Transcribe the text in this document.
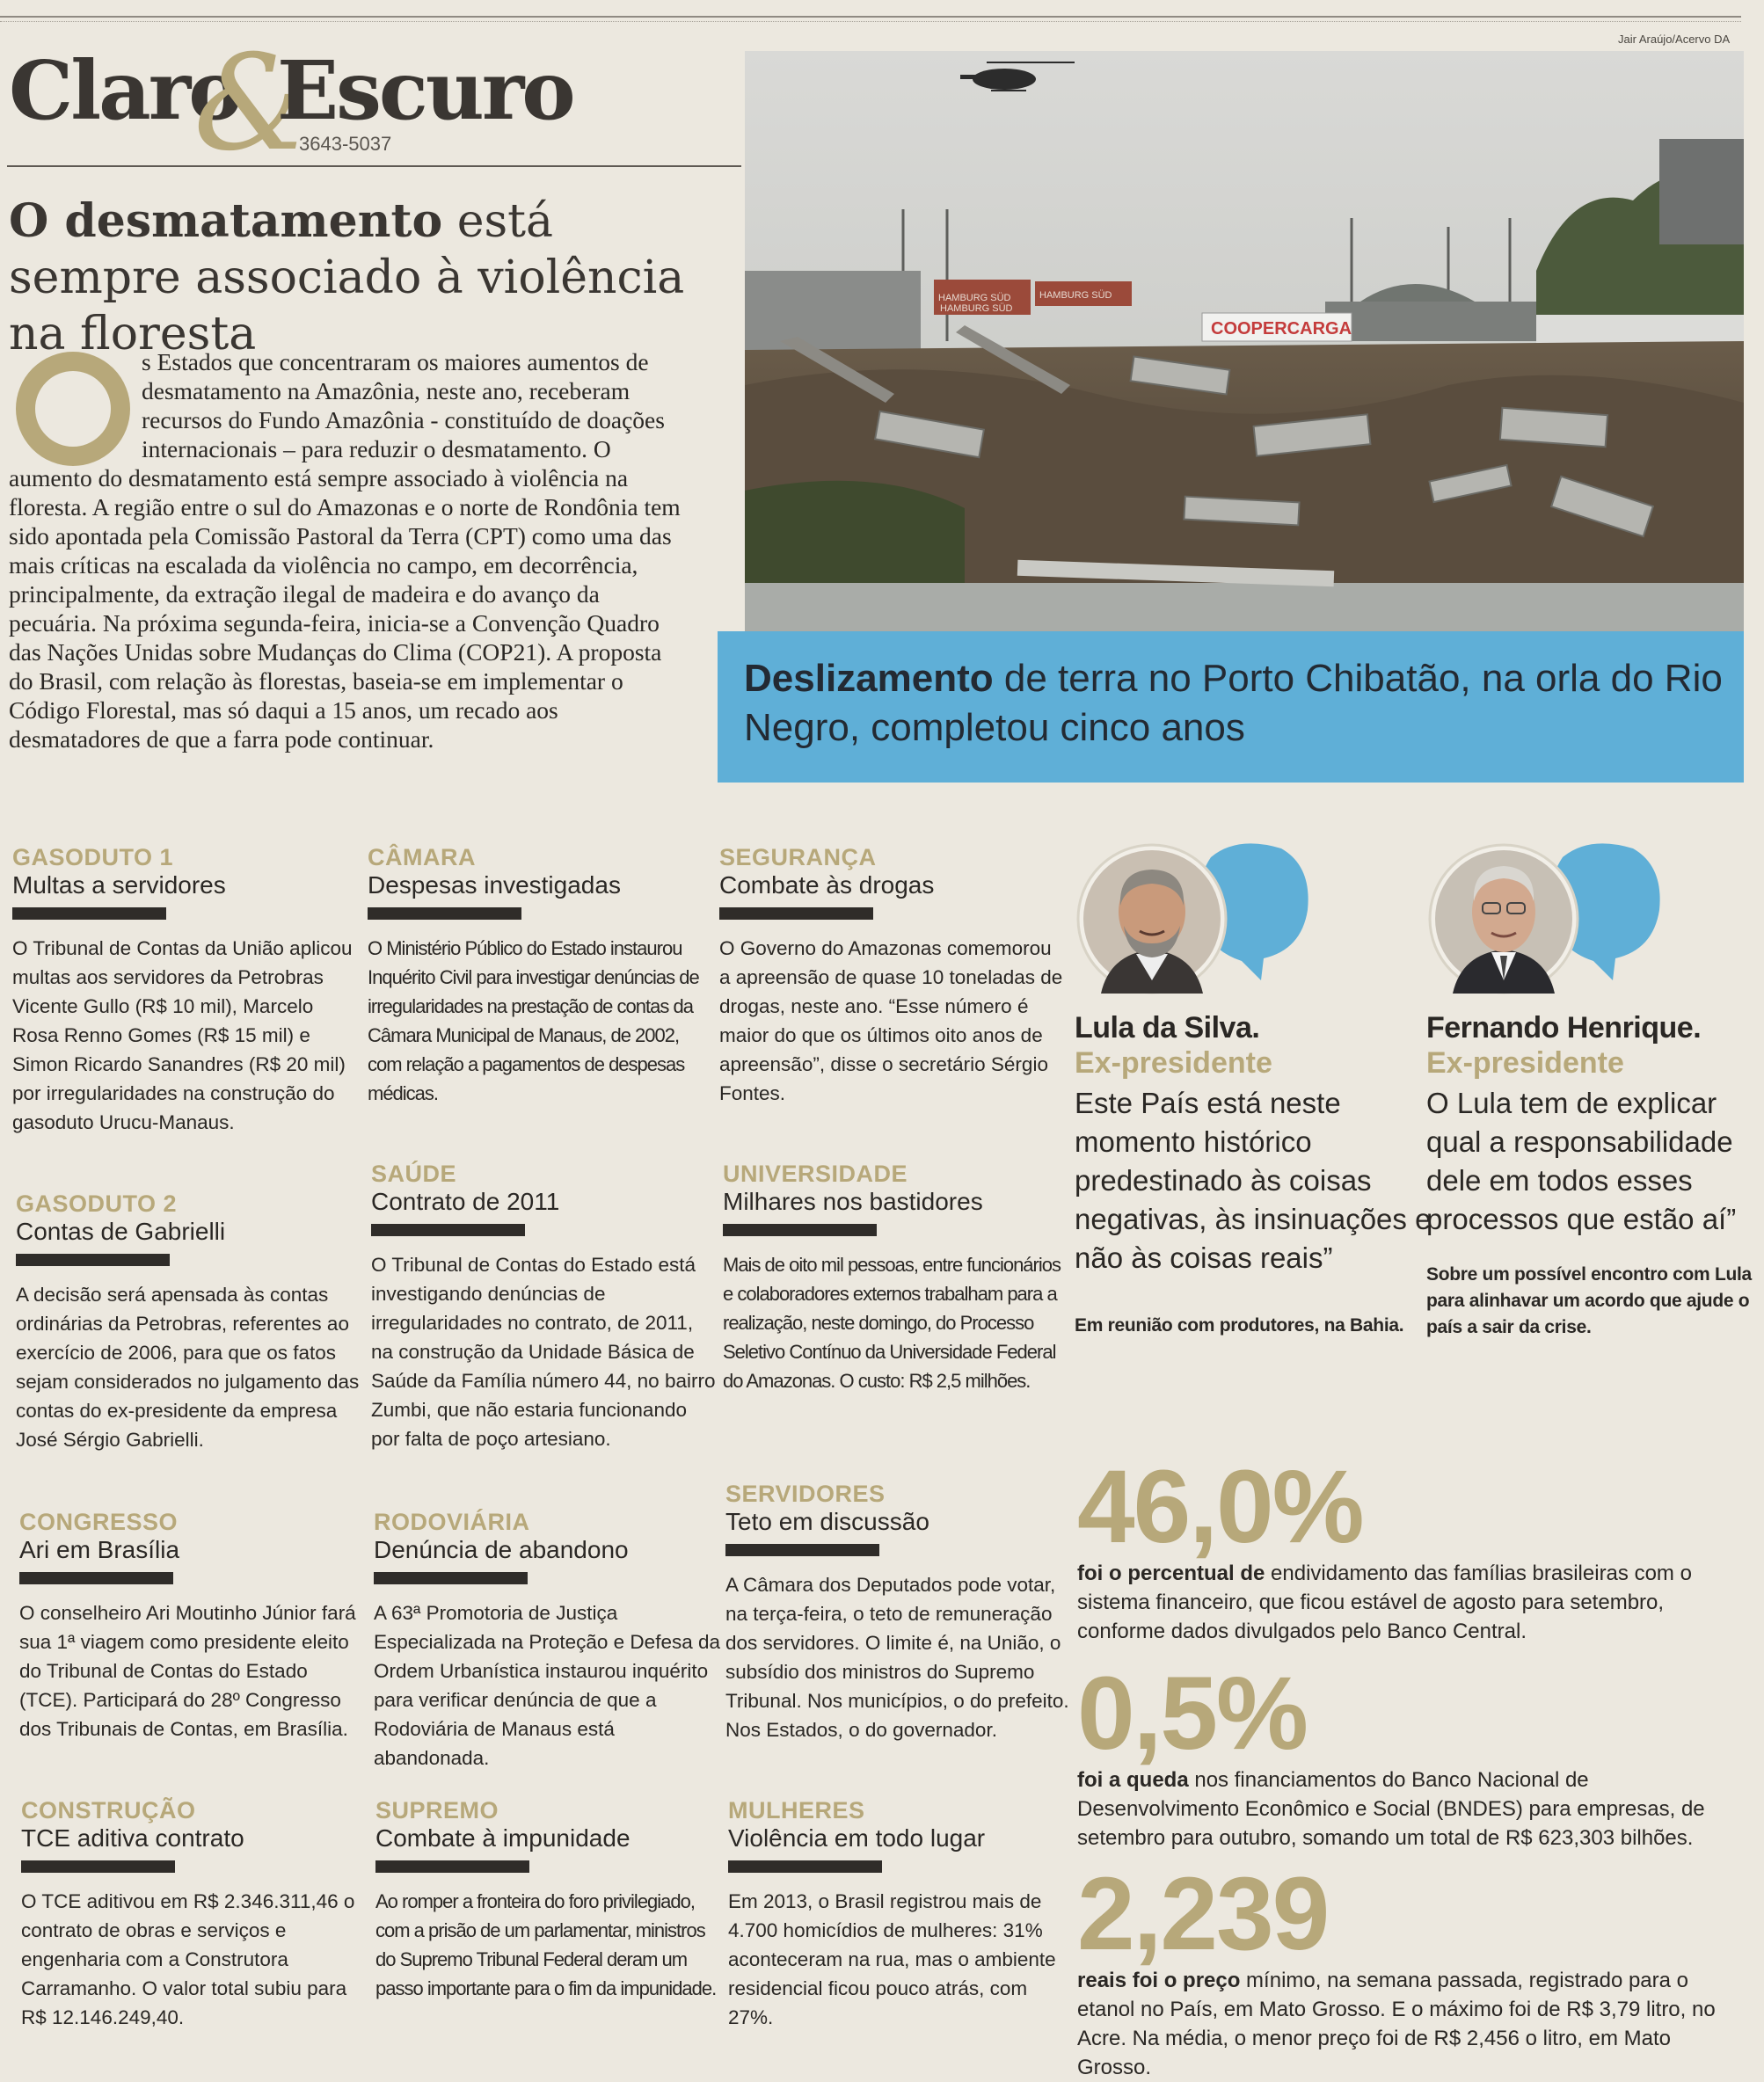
Claro
&
Escuro
3643-5037
O desmatamento está sempre associado à violência na floresta
s Estados que concentraram os maiores aumentos de desmatamento na Amazônia, neste ano, receberam recursos do Fundo Amazônia - constituído de doações internacionais – para reduzir o desmatamento. O aumento do desmatamento está sempre associado à violência na floresta. A região entre o sul do Amazonas e o norte de Rondônia tem sido apontada pela Comissão Pastoral da Terra (CPT) como uma das mais críticas na escalada da violência no campo, em decorrência, principalmente, da extração ilegal de madeira e do avanço da pecuária. Na próxima segunda-feira, inicia-se a Convenção Quadro das Nações Unidas sobre Mudanças do Clima (COP21). A proposta do Brasil, com relação às florestas, baseia-se em implementar o Código Florestal, mas só daqui a 15 anos, um recado aos desmatadores de que a farra pode continuar.
Jair Araújo/Acervo DA
HAMBURG SÜD
HAMBURG SÜD
HAMBURG SÜD
COOPERCARGA

Deslizamento de terra no Porto Chibatão, na orla do Rio Negro, completou cinco anos

GASODUTO 1
Multas a servidores
O Tribunal de Contas da União aplicou multas aos servidores da Petrobras Vicente Gullo (R$ 10 mil), Marcelo Rosa Renno Gomes (R$ 15 mil) e Simon Ricardo Sanandres (R$ 20 mil) por irregularidades na construção do gasoduto Urucu-Manaus.
GASODUTO 2
Contas de Gabrielli
A decisão será apensada às contas ordinárias da Petrobras, referentes ao exercício de 2006, para que os fatos sejam considerados no julgamento das contas do ex-presidente da empresa José Sérgio Gabrielli.
CONGRESSO
Ari em Brasília
O conselheiro Ari Moutinho Júnior fará sua 1ª viagem como presidente eleito do Tribunal de Contas do Estado (TCE). Participará do 28º Congresso dos Tribunais de Contas, em Brasília.
CONSTRUÇÃO
TCE aditiva contrato
O TCE aditivou em R$ 2.346.311,46 o contrato de obras e serviços e engenharia com a Construtora Carramanho. O valor total subiu para R$ 12.146.249,40.
CÂMARA
Despesas investigadas
O Ministério Público do Estado instaurou Inquérito Civil para investigar denúncias de irregularidades na prestação de contas da Câmara Municipal de Manaus, de 2002, com relação a pagamentos de despesas médicas.
SAÚDE
Contrato de 2011
O Tribunal de Contas do Estado está investigando denúncias de irregularidades no contrato, de 2011, na construção da Unidade Básica de Saúde da Família número 44, no bairro Zumbi, que não estaria funcionando por falta de poço artesiano.
RODOVIÁRIA
Denúncia de abandono
A 63ª Promotoria de Justiça Especializada na Proteção e Defesa da Ordem Urbanística instaurou inquérito para verificar denúncia de que a Rodoviária de Manaus está abandonada.
SUPREMO
Combate à impunidade
Ao romper a fronteira do foro privilegiado, com a prisão de um parlamentar, ministros do Supremo Tribunal Federal deram um passo importante para o fim da impunidade.
SEGURANÇA
Combate às drogas
O Governo do Amazonas comemorou a apreensão de quase 10 toneladas de drogas, neste ano. “Esse número é maior do que os últimos oito anos de apreensão”, disse o secretário Sérgio Fontes.
UNIVERSIDADE
Milhares nos bastidores
Mais de oito mil pessoas, entre funcionários e colaboradores externos trabalham para a realização, neste domingo, do Processo Seletivo Contínuo da Universidade Federal do Amazonas. O custo: R$ 2,5 milhões.
SERVIDORES
Teto em discussão
A Câmara dos Deputados pode votar, na terça-feira, o teto de remuneração dos servidores. O limite é, na União, o subsídio dos ministros do Supremo Tribunal. Nos municípios, o do prefeito. Nos Estados, o do governador.
MULHERES
Violência em todo lugar
Em 2013, o Brasil registrou mais de 4.700 homicídios de mulheres: 31% aconteceram na rua, mas o ambiente residencial ficou pouco atrás, com 27%.
Lula da Silva.
Ex-presidente
Este País está neste momento histórico predestinado às coisas negativas, às insinuações e não às coisas reais”
Em reunião com produtores, na Bahia.
Fernando Henrique.
Ex-presidente
O Lula tem de explicar qual a responsabilidade dele em todos esses processos que estão aí”
Sobre um possível encontro com Lula para alinhavar um acordo que ajude o país a sair da crise.
46,0%
foi o percentual de endividamento das famílias brasileiras com o sistema financeiro, que ficou estável de agosto para setembro, conforme dados divulgados pelo Banco Central.
0,5%
foi a queda nos financiamentos do Banco Nacional de Desenvolvimento Econômico e Social (BNDES) para empresas, de setembro para outubro, somando um total de R$ 623,303 bilhões.
2,239
reais foi o preço mínimo, na semana passada, registrado para o etanol no País, em Mato Grosso. E o máximo foi de R$ 3,79 litro, no Acre. Na média, o menor preço foi de R$ 2,456 o litro, em Mato Grosso.
